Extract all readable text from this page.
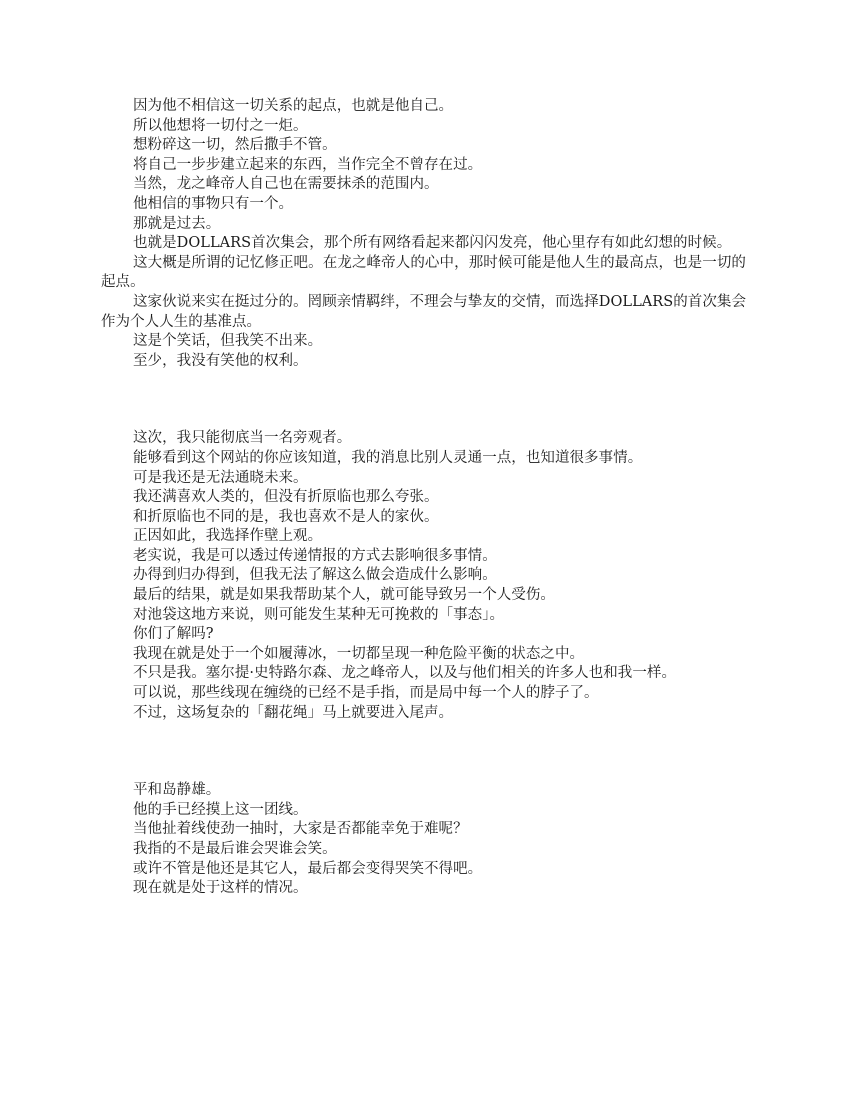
因为他不相信这一切关系的起点，也就是他自己。

所以他想将一切付之一炬。

想粉碎这一切，然后撒手不管。

将自己一步步建立起来的东西，当作完全不曾存在过。

当然，龙之峰帝人自己也在需要抹杀的范围内。

他相信的事物只有一个。

那就是过去。

也就是DOLLARS首次集会，那个所有网络看起来都闪闪发亮，他心里存有如此幻想的时候。

这大概是所谓的记忆修正吧。在龙之峰帝人的心中，那时候可能是他人生的最高点，也是一切的起点。

这家伙说来实在挺过分的。罔顾亲情羁绊，不理会与挚友的交情，而选择DOLLARS的首次集会作为个人人生的基准点。

这是个笑话，但我笑不出来。

至少，我没有笑他的权利。

这次，我只能彻底当一名旁观者。

能够看到这个网站的你应该知道，我的消息比别人灵通一点，也知道很多事情。

可是我还是无法通晓未来。

我还满喜欢人类的，但没有折原临也那么夸张。

和折原临也不同的是，我也喜欢不是人的家伙。

正因如此，我选择作壁上观。

老实说，我是可以透过传递情报的方式去影响很多事情。

办得到归办得到，但我无法了解这么做会造成什么影响。

最后的结果，就是如果我帮助某个人，就可能导致另一个人受伤。

对池袋这地方来说，则可能发生某种无可挽救的「事态」。

你们了解吗?

我现在就是处于一个如履薄冰，一切都呈现一种危险平衡的状态之中。

不只是我。塞尔提·史特路尔森、龙之峰帝人，以及与他们相关的许多人也和我一样。

可以说，那些线现在缠绕的已经不是手指，而是局中每一个人的脖子了。

不过，这场复杂的「翻花绳」马上就要进入尾声。

平和岛静雄。

他的手已经摸上这一团线。

当他扯着线使劲一抽时，大家是否都能幸免于难呢？

我指的不是最后谁会哭谁会笑。

或许不管是他还是其它人，最后都会变得哭笑不得吧。

现在就是处于这样的情况。
